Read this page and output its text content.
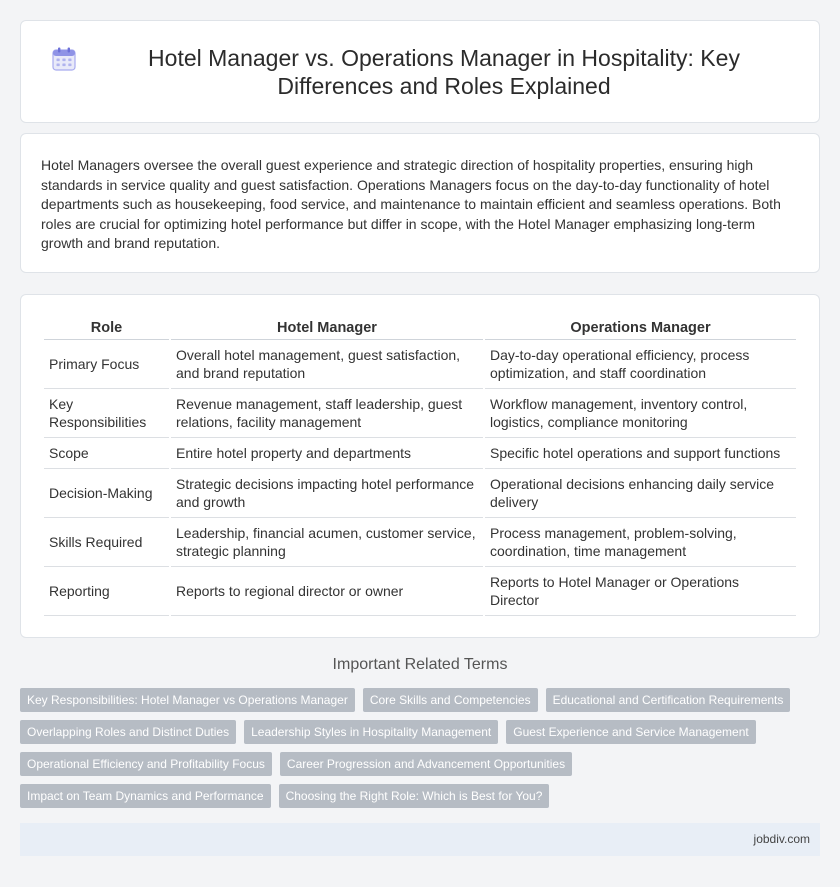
Hotel Manager vs. Operations Manager in Hospitality: Key Differences and Roles Explained

Hotel Managers oversee the overall guest experience and strategic direction of hospitality properties, ensuring high standards in service quality and guest satisfaction. Operations Managers focus on the day-to-day functionality of hotel departments such as housekeeping, food service, and maintenance to maintain efficient and seamless operations. Both roles are crucial for optimizing hotel performance but differ in scope, with the Hotel Manager emphasizing long-term growth and brand reputation.

Role	Hotel Manager	Operations Manager
Primary Focus	Overall hotel management, guest satisfaction, and brand reputation	Day-to-day operational efficiency, process optimization, and staff coordination
Key Responsibilities	Revenue management, staff leadership, guest relations, facility management	Workflow management, inventory control, logistics, compliance monitoring
Scope	Entire hotel property and departments	Specific hotel operations and support functions
Decision-Making	Strategic decisions impacting hotel performance and growth	Operational decisions enhancing daily service delivery
Skills Required	Leadership, financial acumen, customer service, strategic planning	Process management, problem-solving, coordination, time management
Reporting	Reports to regional director or owner	Reports to Hotel Manager or Operations Director
Important Related Terms
Key Responsibilities: Hotel Manager vs Operations Manager	Core Skills and Competencies	Educational and Certification Requirements
Overlapping Roles and Distinct Duties	Leadership Styles in Hospitality Management	Guest Experience and Service Management
Operational Efficiency and Profitability Focus	Career Progression and Advancement Opportunities
Impact on Team Dynamics and Performance	Choosing the Right Role: Which is Best for You?
jobdiv.com
